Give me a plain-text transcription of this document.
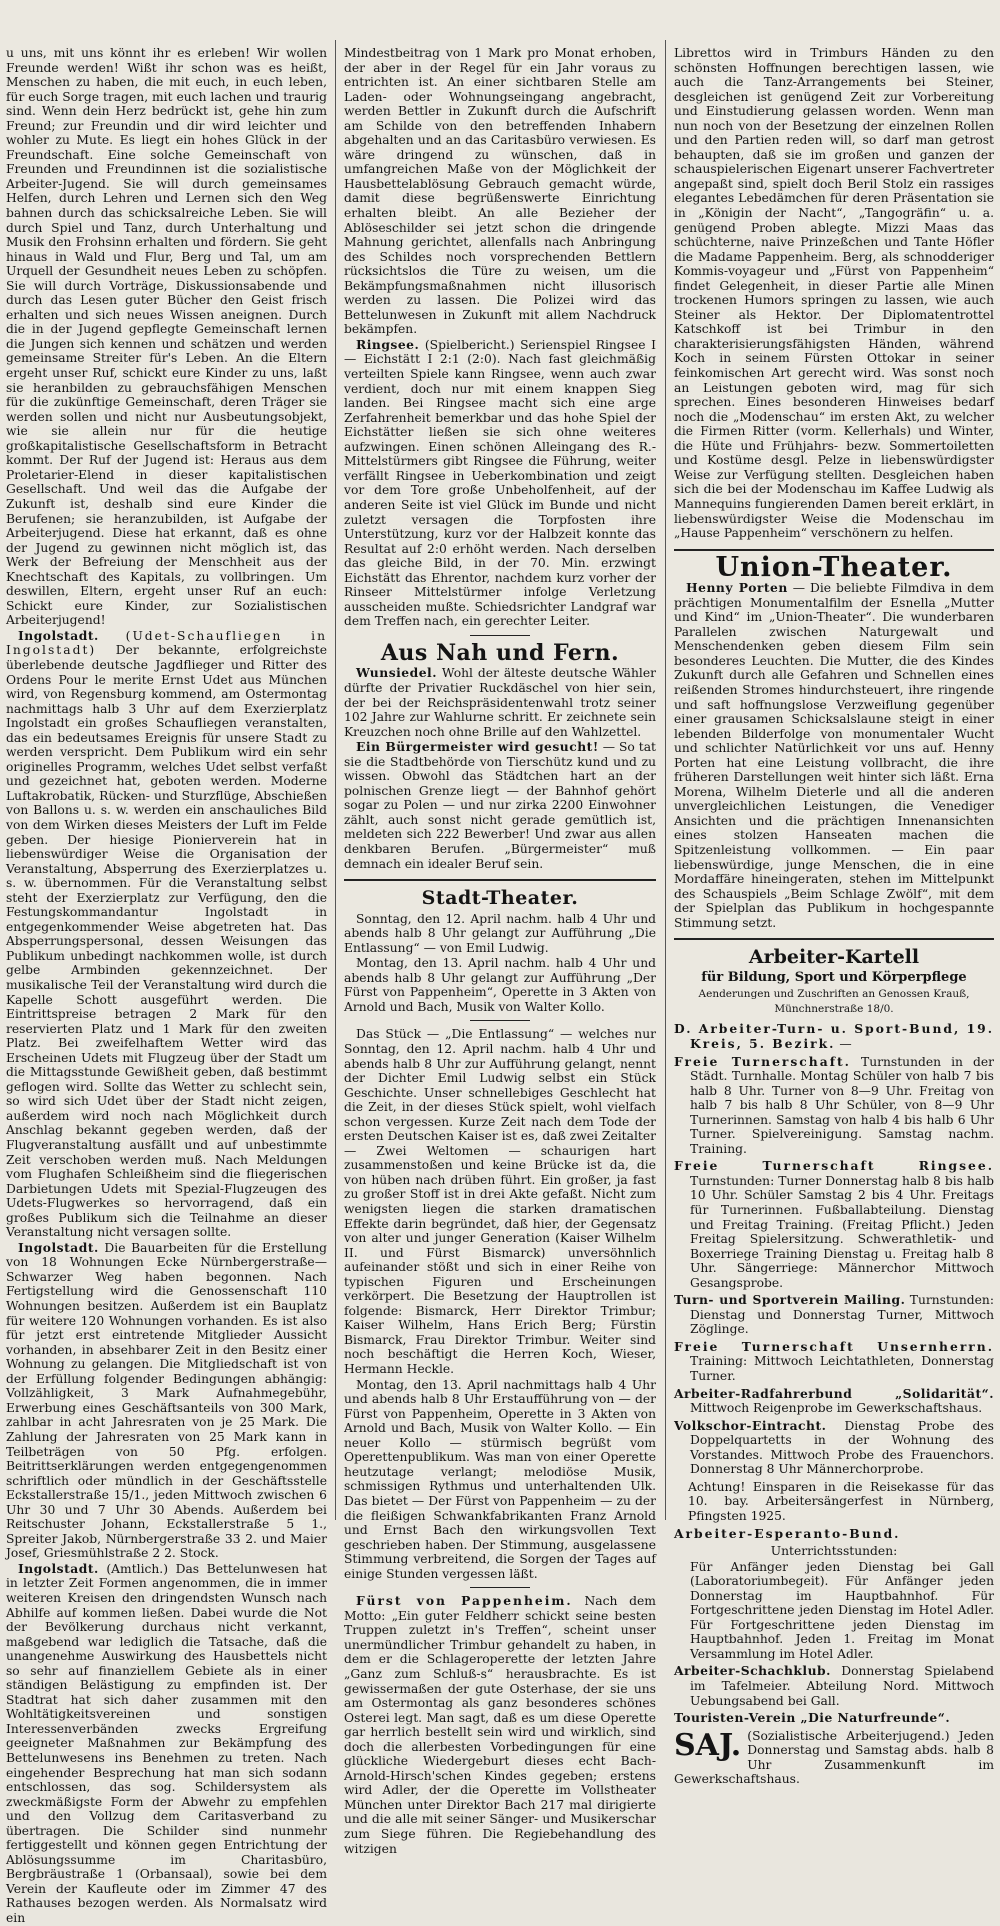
u uns, mit uns könnt ihr es erleben! Wir wollen Freunde werden! Wißt ihr schon was es heißt, Menschen zu haben, die mit euch, in euch leben, für euch Sorge tragen, mit euch lachen und traurig sind. Wenn dein Herz bedrückt ist, gehe hin zum Freund; zur Freundin und dir wird leichter und wohler zu Mute. Es liegt ein hohes Glück in der Freundschaft. Eine solche Gemeinschaft von Freunden und Freundinnen ist die sozialistische Arbeiter-Jugend. Sie will durch gemeinsames Helfen, durch Lehren und Lernen sich den Weg bahnen durch das schicksalreiche Leben. Sie will durch Spiel und Tanz, durch Unterhaltung und Musik den Frohsinn erhalten und fördern. Sie geht hinaus in Wald und Flur, Berg und Tal, um am Urquell der Gesundheit neues Leben zu schöpfen. Sie will durch Vorträge, Diskussionsabende und durch das Lesen guter Bücher den Geist frisch erhalten und sich neues Wissen aneignen. Durch die in der Jugend gepflegte Gemeinschaft lernen die Jungen sich kennen und schätzen und werden gemeinsame Streiter für's Leben. An die Eltern ergeht unser Ruf, schickt eure Kinder zu uns, laßt sie heranbilden zu gebrauchsfähigen Menschen für die zukünftige Gemeinschaft, deren Träger sie werden sollen und nicht nur Ausbeutungsobjekt, wie sie allein nur für die heutige großkapitalistische Gesellschaftsform in Betracht kommt. Der Ruf der Jugend ist: Heraus aus dem Proletarier-Elend in dieser kapitalistischen Gesellschaft. Und weil das die Aufgabe der Zukunft ist, deshalb sind eure Kinder die Berufenen; sie heranzubilden, ist Aufgabe der Arbeiterjugend. Diese hat erkannt, daß es ohne der Jugend zu gewinnen nicht möglich ist, das Werk der Befreiung der Menschheit aus der Knechtschaft des Kapitals, zu vollbringen. Um deswillen, Eltern, ergeht unser Ruf an euch: Schickt eure Kinder, zur Sozialistischen Arbeiterjugend!

Ingolstadt. (Udet-Schaufliegen in Ingolstadt) Der bekannte, erfolgreichste überlebende deutsche Jagdflieger und Ritter des Ordens Pour le merite Ernst Udet aus München wird, von Regensburg kommend, am Ostermontag nachmittags halb 3 Uhr auf dem Exerzierplatz Ingolstadt ein großes Schaufliegen veranstalten, das ein bedeutsames Ereignis für unsere Stadt zu werden verspricht. Dem Publikum wird ein sehr originelles Programm, welches Udet selbst verfaßt und gezeichnet hat, geboten werden. Moderne Luftakrobatik, Rücken- und Sturzflüge, Abschießen von Ballons u. s. w. werden ein anschauliches Bild von dem Wirken dieses Meisters der Luft im Felde geben. Der hiesige Pionierverein hat in liebenswürdiger Weise die Organisation der Veranstaltung, Absperrung des Exerzierplatzes u. s. w. übernommen. Für die Veranstaltung selbst steht der Exerzierplatz zur Verfügung, den die Festungskommandantur Ingolstadt in entgegenkommender Weise abgetreten hat. Das Absperrungspersonal, dessen Weisungen das Publikum unbedingt nachkommen wolle, ist durch gelbe Armbinden gekennzeichnet. Der musikalische Teil der Veranstaltung wird durch die Kapelle Schott ausgeführt werden. Die Eintrittspreise betragen 2 Mark für den reservierten Platz und 1 Mark für den zweiten Platz. Bei zweifelhaftem Wetter wird das Erscheinen Udets mit Flugzeug über der Stadt um die Mittagsstunde Gewißheit geben, daß bestimmt geflogen wird. Sollte das Wetter zu schlecht sein, so wird sich Udet über der Stadt nicht zeigen, außerdem wird noch nach Möglichkeit durch Anschlag bekannt gegeben werden, daß der Flugveranstaltung ausfällt und auf unbestimmte Zeit verschoben werden muß. Nach Meldungen vom Flughafen Schleißheim sind die fliegerischen Darbietungen Udets mit Spezial-Flugzeugen des Udets-Flugwerkes so hervorragend, daß ein großes Publikum sich die Teilnahme an dieser Veranstaltung nicht versagen sollte.

Ingolstadt. Die Bauarbeiten für die Erstellung von 18 Wohnungen Ecke Nürnbergerstraße—Schwarzer Weg haben begonnen. Nach Fertigstellung wird die Genossenschaft 110 Wohnungen besitzen. Außerdem ist ein Bauplatz für weitere 120 Wohnungen vorhanden. Es ist also für jetzt erst eintretende Mitglieder Aussicht vorhanden, in absehbarer Zeit in den Besitz einer Wohnung zu gelangen. Die Mitgliedschaft ist von der Erfüllung folgender Bedingungen abhängig: Vollzähligkeit, 3 Mark Aufnahmegebühr, Erwerbung eines Geschäftsanteils von 300 Mark, zahlbar in acht Jahresraten von je 25 Mark. Die Zahlung der Jahresraten von 25 Mark kann in Teilbeträgen von 50 Pfg. erfolgen. Beitrittserklärungen werden entgegengenommen schriftlich oder mündlich in der Geschäftsstelle Eckstallerstraße 15/1., jeden Mittwoch zwischen 6 Uhr 30 und 7 Uhr 30 Abends. Außerdem bei Reitschuster Johann, Eckstallerstraße 5 1., Spreiter Jakob, Nürnbergerstraße 33 2. und Maier Josef, Griesmühlstraße 2 2. Stock.

Ingolstadt. (Amtlich.) Das Bettelunwesen hat in letzter Zeit Formen angenommen, die in immer weiteren Kreisen den dringendsten Wunsch nach Abhilfe auf kommen ließen. Dabei wurde die Not der Bevölkerung durchaus nicht verkannt, maßgebend war lediglich die Tatsache, daß die unangenehme Auswirkung des Hausbettels nicht so sehr auf finanziellem Gebiete als in einer ständigen Belästigung zu empfinden ist. Der Stadtrat hat sich daher zusammen mit den Wohltätigkeitsvereinen und sonstigen Interessenverbänden zwecks Ergreifung geeigneter Maßnahmen zur Bekämpfung des Bettelunwesens ins Benehmen zu treten. Nach eingehender Besprechung hat man sich sodann entschlossen, das sog. Schildersystem als zweckmäßigste Form der Abwehr zu empfehlen und den Vollzug dem Caritasverband zu übertragen. Die Schilder sind nunmehr fertiggestellt und können gegen Entrichtung der Ablösungssumme im Charitasbüro, Bergbräustraße 1 (Orbansaal), sowie bei dem Verein der Kaufleute oder im Zimmer 47 des Rathauses bezogen werden. Als Normalsatz wird ein

Mindestbeitrag von 1 Mark pro Monat erhoben, der aber in der Regel für ein Jahr voraus zu entrichten ist. An einer sichtbaren Stelle am Laden- oder Wohnungseingang angebracht, werden Bettler in Zukunft durch die Aufschrift am Schilde von den betreffenden Inhabern abgehalten und an das Caritasbüro verwiesen. Es wäre dringend zu wünschen, daß in umfangreichen Maße von der Möglichkeit der Hausbettelablösung Gebrauch gemacht würde, damit diese begrüßenswerte Einrichtung erhalten bleibt. An alle Bezieher der Ablöseschilder sei jetzt schon die dringende Mahnung gerichtet, allenfalls nach Anbringung des Schildes noch vorsprechenden Bettlern rücksichtslos die Türe zu weisen, um die Bekämpfungsmaßnahmen nicht illusorisch werden zu lassen. Die Polizei wird das Bettelunwesen in Zukunft mit allem Nachdruck bekämpfen.

Ringsee. (Spielbericht.) Serienspiel Ringsee I — Eichstätt I 2:1 (2:0). Nach fast gleichmäßig verteilten Spiele kann Ringsee, wenn auch zwar verdient, doch nur mit einem knappen Sieg landen. Bei Ringsee macht sich eine arge Zerfahrenheit bemerkbar und das hohe Spiel der Eichstätter ließen sie sich ohne weiteres aufzwingen. Einen schönen Alleingang des R.-Mittelstürmers gibt Ringsee die Führung, weiter verfällt Ringsee in Ueberkombination und zeigt vor dem Tore große Unbeholfenheit, auf der anderen Seite ist viel Glück im Bunde und nicht zuletzt versagen die Torpfosten ihre Unterstützung, kurz vor der Halbzeit konnte das Resultat auf 2:0 erhöht werden. Nach derselben das gleiche Bild, in der 70. Min. erzwingt Eichstätt das Ehrentor, nachdem kurz vorher der Rinseer Mittelstürmer infolge Verletzung ausscheiden mußte. Schiedsrichter Landgraf war dem Treffen nach, ein gerechter Leiter.

Aus Nah und Fern.

Wunsiedel. Wohl der älteste deutsche Wähler dürfte der Privatier Ruckdäschel von hier sein, der bei der Reichspräsidentenwahl trotz seiner 102 Jahre zur Wahlurne schritt. Er zeichnete sein Kreuzchen noch ohne Brille auf den Wahlzettel.

Ein Bürgermeister wird gesucht! — So tat sie die Stadtbehörde von Tierschütz kund und zu wissen. Obwohl das Städtchen hart an der polnischen Grenze liegt — der Bahnhof gehört sogar zu Polen — und nur zirka 2200 Einwohner zählt, auch sonst nicht gerade gemütlich ist, meldeten sich 222 Bewerber! Und zwar aus allen denkbaren Berufen. „Bürgermeister“ muß demnach ein idealer Beruf sein.

Stadt-Theater.

Sonntag, den 12. April nachm. halb 4 Uhr und abends halb 8 Uhr gelangt zur Aufführung „Die Entlassung“ — von Emil Ludwig.

Montag, den 13. April nachm. halb 4 Uhr und abends halb 8 Uhr gelangt zur Aufführung „Der Fürst von Pappenheim“, Operette in 3 Akten von Arnold und Bach, Musik von Walter Kollo.

Das Stück — „Die Entlassung“ — welches nur Sonntag, den 12. April nachm. halb 4 Uhr und abends halb 8 Uhr zur Aufführung gelangt, nennt der Dichter Emil Ludwig selbst ein Stück Geschichte. Unser schnellebiges Geschlecht hat die Zeit, in der dieses Stück spielt, wohl vielfach schon vergessen. Kurze Zeit nach dem Tode der ersten Deutschen Kaiser ist es, daß zwei Zeitalter — Zwei Weltomen — schaurigen hart zusammenstoßen und keine Brücke ist da, die von hüben nach drüben führt. Ein großer, ja fast zu großer Stoff ist in drei Akte gefaßt. Nicht zum wenigsten liegen die starken dramatischen Effekte darin begründet, daß hier, der Gegensatz von alter und junger Generation (Kaiser Wilhelm II. und Fürst Bismarck) unversöhnlich aufeinander stößt und sich in einer Reihe von typischen Figuren und Erscheinungen verkörpert. Die Besetzung der Hauptrollen ist folgende: Bismarck, Herr Direktor Trimbur; Kaiser Wilhelm, Hans Erich Berg; Fürstin Bismarck, Frau Direktor Trimbur. Weiter sind noch beschäftigt die Herren Koch, Wieser, Hermann Heckle.

Montag, den 13. April nachmittags halb 4 Uhr und abends halb 8 Uhr Erstaufführung von — der Fürst von Pappenheim, Operette in 3 Akten von Arnold und Bach, Musik von Walter Kollo. — Ein neuer Kollo — stürmisch begrüßt vom Operettenpublikum. Was man von einer Operette heutzutage verlangt; melodiöse Musik, schmissigen Rythmus und unterhaltenden Ulk. Das bietet — Der Fürst von Pappenheim — zu der die fleißigen Schwankfabrikanten Franz Arnold und Ernst Bach den wirkungsvollen Text geschrieben haben. Der Stimmung, ausgelassene Stimmung verbreitend, die Sorgen der Tages auf einige Stunden vergessen läßt.

Fürst von Pappenheim. Nach dem Motto: „Ein guter Feldherr schickt seine besten Truppen zuletzt in's Treffen“, scheint unser unermündlicher Trimbur gehandelt zu haben, in dem er die Schlageroperette der letzten Jahre „Ganz zum Schluß-s“ herausbrachte. Es ist gewissermaßen der gute Osterhase, der sie uns am Ostermontag als ganz besonderes schönes Osterei legt. Man sagt, daß es um diese Operette gar herrlich bestellt sein wird und wirklich, sind doch die allerbesten Vorbedingungen für eine glückliche Wiedergeburt dieses echt Bach-Arnold-Hirsch'schen Kindes gegeben; erstens wird Adler, der die Operette im Vollstheater München unter Direktor Bach 217 mal dirigierte und die alle mit seiner Sänger- und Musikerschar zum Siege führen. Die Regiebehandlung des witzigen

Librettos wird in Trimburs Händen zu den schönsten Hoffnungen berechtigen lassen, wie auch die Tanz-Arrangements bei Steiner, desgleichen ist genügend Zeit zur Vorbereitung und Einstudierung gelassen worden. Wenn man nun noch von der Besetzung der einzelnen Rollen und den Partien reden will, so darf man getrost behaupten, daß sie im großen und ganzen der schauspielerischen Eigenart unserer Fachvertreter angepaßt sind, spielt doch Beril Stolz ein rassiges elegantes Lebedämchen für deren Präsentation sie in „Königin der Nacht“, „Tangogräfin“ u. a. genügend Proben ablegte. Mizzi Maas das schüchterne, naive Prinzeßchen und Tante Höfler die Madame Pappenheim. Berg, als schnodderiger Kommis-voyageur und „Fürst von Pappenheim“ findet Gelegenheit, in dieser Partie alle Minen trockenen Humors springen zu lassen, wie auch Steiner als Hektor. Der Diplomatentrottel Katschkoff ist bei Trimbur in den charakterisierungsfähigsten Händen, während Koch in seinem Fürsten Ottokar in seiner feinkomischen Art gerecht wird. Was sonst noch an Leistungen geboten wird, mag für sich sprechen. Eines besonderen Hinweises bedarf noch die „Modenschau“ im ersten Akt, zu welcher die Firmen Ritter (vorm. Kellerhals) und Winter, die Hüte und Frühjahrs- bezw. Sommertoiletten und Kostüme desgl. Pelze in liebenswürdigster Weise zur Verfügung stellten. Desgleichen haben sich die bei der Modenschau im Kaffee Ludwig als Mannequins fungierenden Damen bereit erklärt, in liebenswürdigster Weise die Modenschau im „Hause Pappenheim“ verschönern zu helfen.

Union-Theater.

Henny Porten — Die beliebte Filmdiva in dem prächtigen Monumentalfilm der Esnella „Mutter und Kind“ im „Union-Theater“. Die wunderbaren Parallelen zwischen Naturgewalt und Menschendenken geben diesem Film sein besonderes Leuchten. Die Mutter, die des Kindes Zukunft durch alle Gefahren und Schnellen eines reißenden Stromes hindurchsteuert, ihre ringende und saft hoffnungslose Verzweiflung gegenüber einer grausamen Schicksalslaune steigt in einer lebenden Bilderfolge von monumentaler Wucht und schlichter Natürlichkeit vor uns auf. Henny Porten hat eine Leistung vollbracht, die ihre früheren Darstellungen weit hinter sich läßt. Erna Morena, Wilhelm Dieterle und all die anderen unvergleichlichen Leistungen, die Venediger Ansichten und die prächtigen Innenansichten eines stolzen Hanseaten machen die Spitzenleistung vollkommen. — Ein paar liebenswürdige, junge Menschen, die in eine Mordaffäre hineingeraten, stehen im Mittelpunkt des Schauspiels „Beim Schlage Zwölf“, mit dem der Spielplan das Publikum in hochgespannte Stimmung setzt.

Arbeiter-Kartell

für Bildung, Sport und Körperpflege

Aenderungen und Zuschriften an Genossen Krauß, Münchnerstraße 18/0.

D. Arbeiter-Turn- u. Sport-Bund, 19. Kreis, 5. Bezirk. —

Freie Turnerschaft. Turnstunden in der Städt. Turnhalle. Montag Schüler von halb 7 bis halb 8 Uhr. Turner von 8—9 Uhr. Freitag von halb 7 bis halb 8 Uhr Schüler, von 8—9 Uhr Turnerinnen. Samstag von halb 4 bis halb 6 Uhr Turner. Spielvereinigung. Samstag nachm. Training.

Freie Turnerschaft Ringsee. Turnstunden: Turner Donnerstag halb 8 bis halb 10 Uhr. Schüler Samstag 2 bis 4 Uhr. Freitags für Turnerinnen. Fußballabteilung. Dienstag und Freitag Training. (Freitag Pflicht.) Jeden Freitag Spielersitzung. Schwerathletik- und Boxerriege Training Dienstag u. Freitag halb 8 Uhr. Sängerriege: Männerchor Mittwoch Gesangsprobe.

Turn- und Sportverein Mailing. Turnstunden: Dienstag und Donnerstag Turner, Mittwoch Zöglinge.

Freie Turnerschaft Unsernherrn. Training: Mittwoch Leichtathleten, Donnerstag Turner.

Arbeiter-Radfahrerbund „Solidarität“. Mittwoch Reigenprobe im Gewerkschaftshaus.

Volkschor-Eintracht. Dienstag Probe des Doppelquartetts in der Wohnung des Vorstandes. Mittwoch Probe des Frauenchors. Donnerstag 8 Uhr Männerchorprobe.

Achtung! Einsparen in die Reisekasse für das 10. bay. Arbeitersängerfest in Nürnberg, Pfingsten 1925.

Arbeiter-Esperanto-Bund.

Unterrichtsstunden:

Für Anfänger jeden Dienstag bei Gall (Laboratoriumbegeit). Für Anfänger jeden Donnerstag im Hauptbahnhof. Für Fortgeschrittene jeden Dienstag im Hotel Adler. Für Fortgeschrittene jeden Dienstag im Hauptbahnhof. Jeden 1. Freitag im Monat Versammlung im Hotel Adler.

Arbeiter-Schachklub. Donnerstag Spielabend im Tafelmeier. Abteilung Nord. Mittwoch Uebungsabend bei Gall.

Touristen-Verein „Die Naturfreunde“.

SAJ. (Sozialistische Arbeiterjugend.) Jeden Donnerstag und Samstag abds. halb 8 Uhr Zusammenkunft im Gewerkschaftshaus.
